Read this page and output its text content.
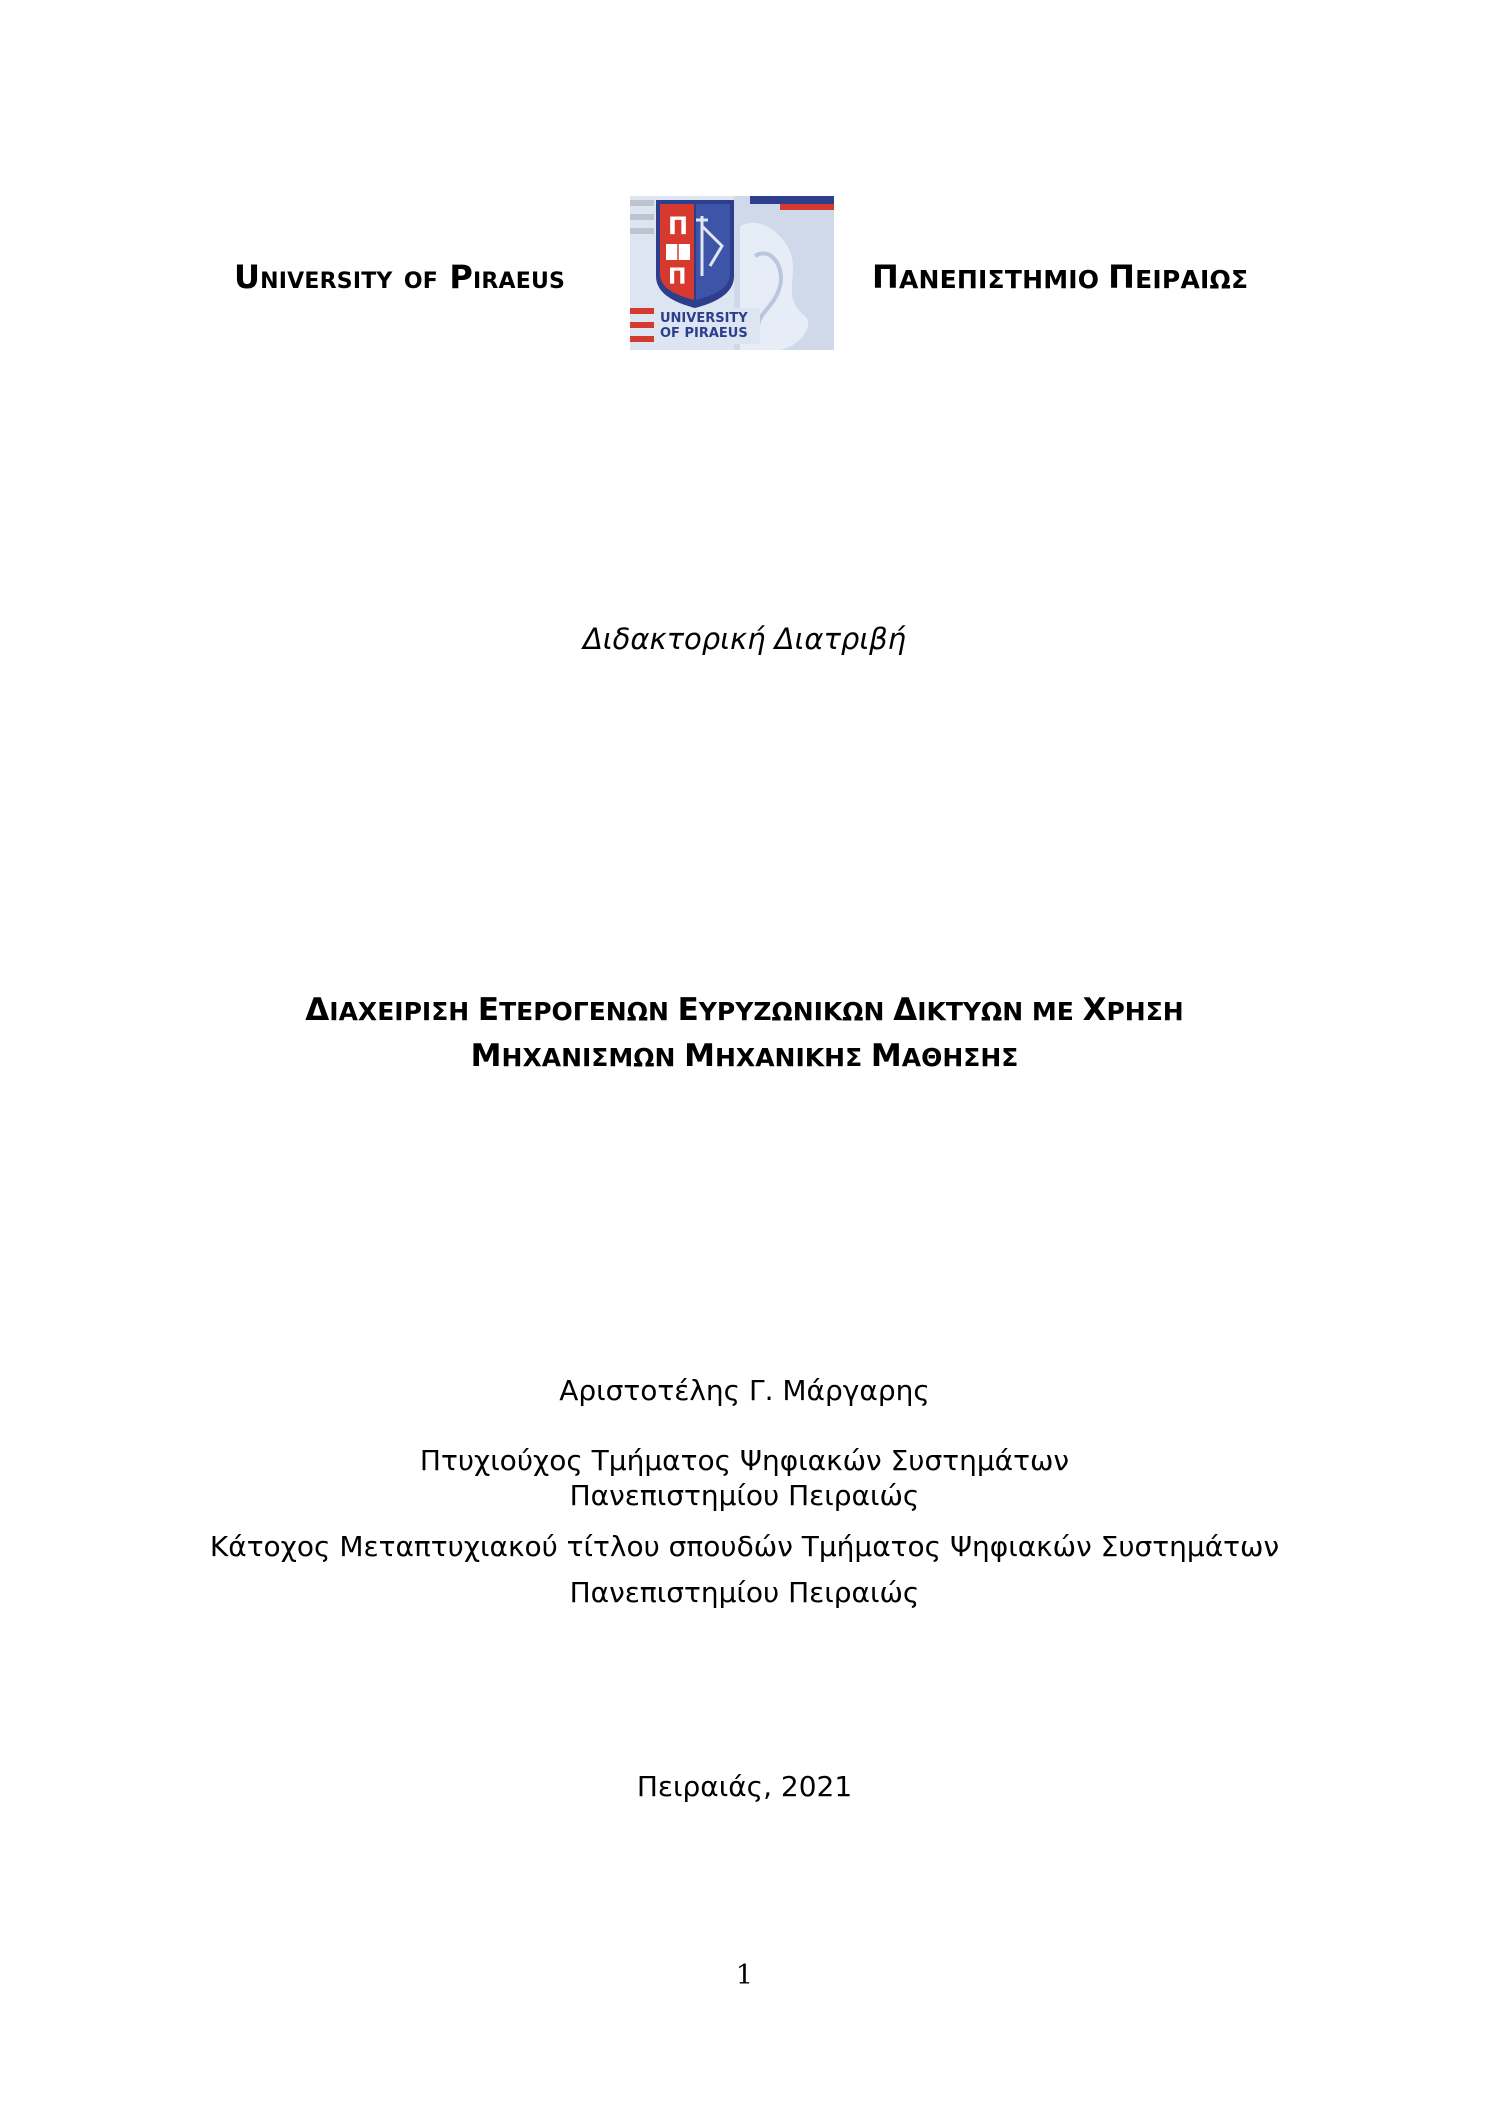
University of Piraeus
Π
Π
UNIVERSITY
OF PIRAEUS
ΠΑΝΕΠΙΣΤΗΜΙΟ ΠΕΙΡΑΙΩΣ
Διδακτορική Διατριβή
ΔΙΑΧΕΙΡΙΣΗ ΕΤΕΡΟΓΕΝΩΝ ΕΥΡΥΖΩΝΙΚΩΝ ΔΙΚΤΥΩΝ ΜΕ ΧΡΗΣΗ
ΜΗΧΑΝΙΣΜΩΝ ΜΗΧΑΝΙΚΗΣ ΜΑΘΗΣΗΣ
Αριστοτέλης Γ. Μάργαρης
Πτυχιούχος Τμήματος Ψηφιακών Συστημάτων
Πανεπιστημίου Πειραιώς
Κάτοχος Μεταπτυχιακού τίτλου σπουδών Τμήματος Ψηφιακών Συστημάτων
Πανεπιστημίου Πειραιώς
Πειραιάς, 2021
1
